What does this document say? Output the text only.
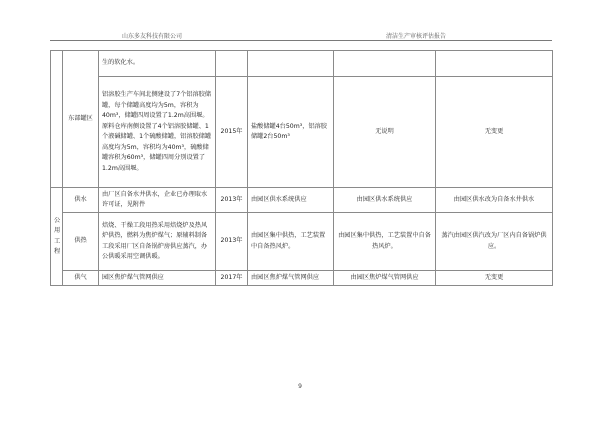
山东多友科技有限公司	清洁生产审核评估报告
	东部罐区	生的软化水。				
		铝溶胶生产车间北侧建设了7个铝溶胶储罐，每个储罐高度均为5m，容积为40m³，储罐四周设置了1.2m高围堰。原料仓库南侧设置了4个铝溶胶储罐、1个液碱储罐、1个硫酸储罐，铝溶胶储罐高度均为5m，容积均为40m³，硫酸储罐容积为60m³，储罐四周分别设置了1.2m高围堰。	2015年	盐酸储罐4台50m³，铝溶胶储罐2台50m³	无说明	无变更
公用工程	供水	由厂区自备水井供水，企业已办理取水许可证，见附件	2013年	由园区供水系统供应	由园区供水系统供应	由园区供水改为自备水井供水
	供热	焙烧、干燥工段用热采用焙烧炉及热风炉供热，燃料为焦炉煤气；原辅料制备工段采用厂区自备锅炉房供应蒸汽，办公供暖采用空调供暖。	2013年	由园区集中供热，工艺装置中自备热风炉。	由园区集中供热，工艺装置中自备热风炉。	蒸汽由园区供汽改为厂区内自备锅炉供应。
	供气	园区焦炉煤气管网供应	2017年	由园区焦炉煤气管网供应	由园区焦炉煤气管网供应	无变更
9
